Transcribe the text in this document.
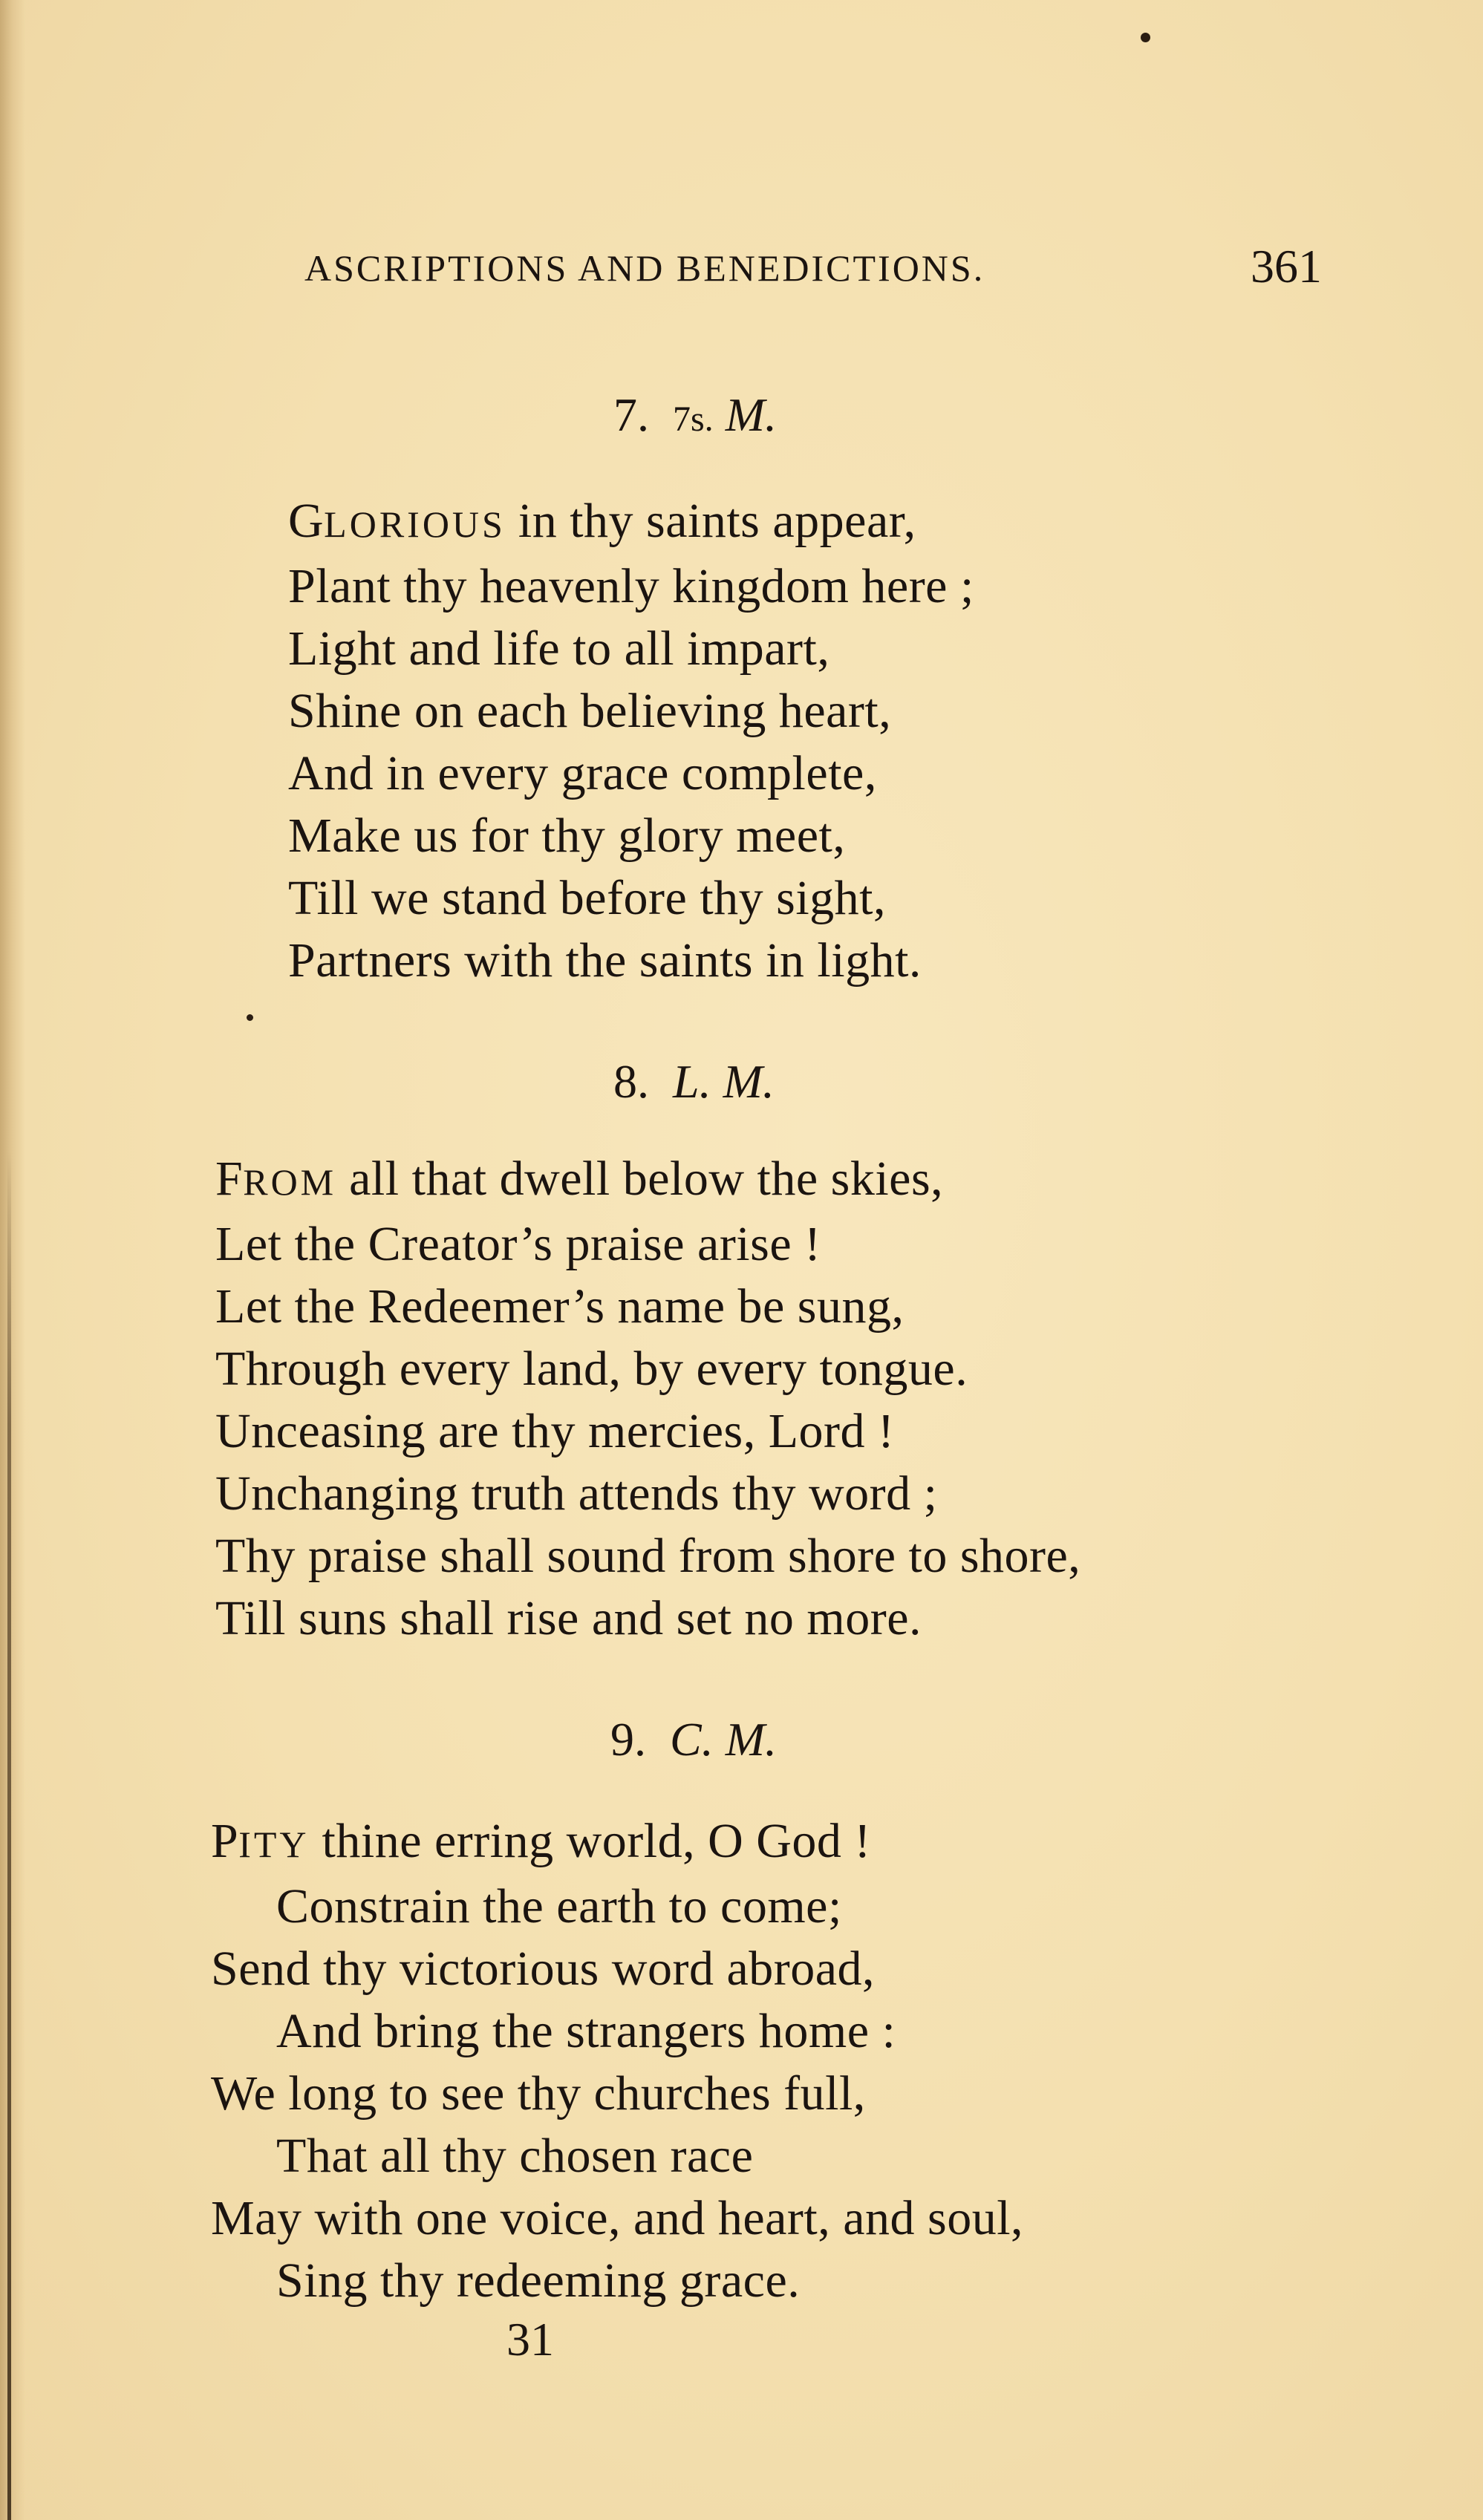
ASCRIPTIONS AND BENEDICTIONS.	361
7. 7s. M.
GLORIOUS in thy saints appear,
Plant thy heavenly kingdom here ;
Light and life to all impart,
Shine on each believing heart,
And in every grace complete,
Make us for thy glory meet,
Till we stand before thy sight,
Partners with the saints in light.
8. L. M.
FROM all that dwell below the skies,
Let the Creator’s praise arise !
Let the Redeemer’s name be sung,
Through every land, by every tongue.
Unceasing are thy mercies, Lord !
Unchanging truth attends thy word ;
Thy praise shall sound from shore to shore,
Till suns shall rise and set no more.
9. C. M.
PITY thine erring world, O God !
Constrain the earth to come;
Send thy victorious word abroad,
And bring the strangers home :
We long to see thy churches full,
That all thy chosen race
May with one voice, and heart, and soul,
Sing thy redeeming grace.
31
